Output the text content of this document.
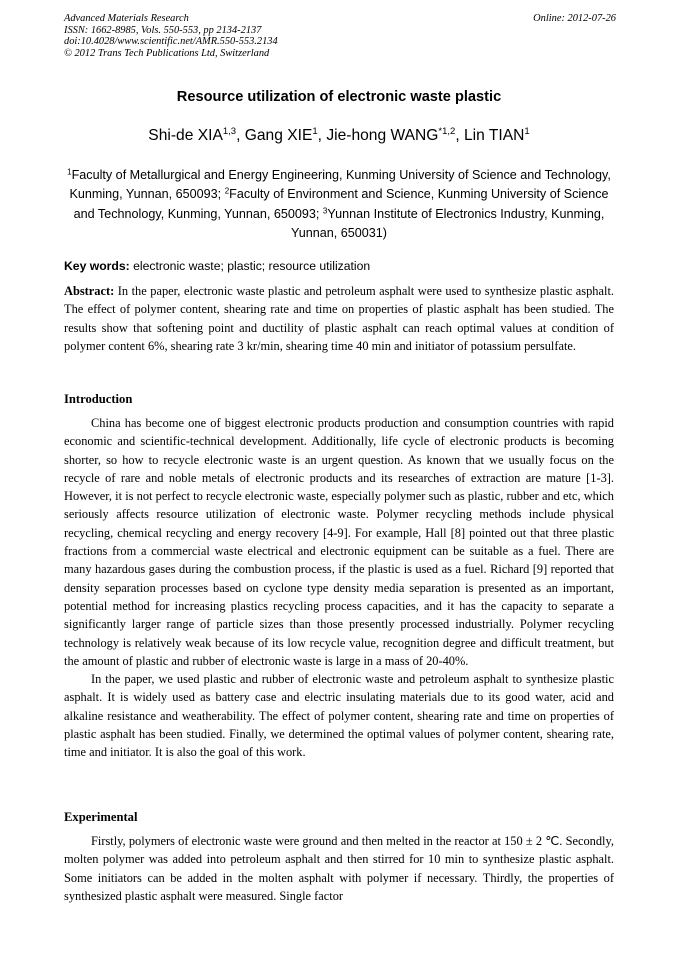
Advanced Materials Research
ISSN: 1662-8985, Vols. 550-553, pp 2134-2137
doi:10.4028/www.scientific.net/AMR.550-553.2134
© 2012 Trans Tech Publications Ltd, Switzerland
Online: 2012-07-26
Resource utilization of electronic waste plastic
Shi-de XIA$^{1,3}$, Gang XIE$^1$, Jie-hong WANG$^{*1,2}$, Lin TIAN$^1$
$^1$Faculty of Metallurgical and Energy Engineering, Kunming University of Science and Technology, Kunming, Yunnan, 650093; $^2$Faculty of Environment and Science, Kunming University of Science and Technology, Kunming, Yunnan, 650093; $^3$Yunnan Institute of Electronics Industry, Kunming, Yunnan, 650031)
Key words: electronic waste; plastic; resource utilization

Abstract: In the paper, electronic waste plastic and petroleum asphalt were used to synthesize plastic asphalt. The effect of polymer content, shearing rate and time on properties of plastic asphalt has been studied. The results show that softening point and ductility of plastic asphalt can reach optimal values at condition of polymer content 6%, shearing rate 3 kr/min, shearing time 40 min and initiator of potassium persulfate.

Introduction

China has become one of biggest electronic products production and consumption countries with rapid economic and scientific-technical development. Additionally, life cycle of electronic products is becoming shorter, so how to recycle electronic waste is an urgent question. As known that we usually focus on the recycle of rare and noble metals of electronic products and its researches of extraction are mature [1-3]. However, it is not perfect to recycle electronic waste, especially polymer such as plastic, rubber and etc, which seriously affects resource utilization of electronic waste. Polymer recycling methods include physical recycling, chemical recycling and energy recovery [4-9]. For example, Hall [8] pointed out that three plastic fractions from a commercial waste electrical and electronic equipment can be suitable as a fuel. There are many hazardous gases during the combustion process, if the plastic is used as a fuel. Richard [9] reported that density separation processes based on cyclone type density media separation is presented as an important, potential method for increasing plastics recycling process capacities, and it has the capacity to separate a significantly larger range of particle sizes than those presently processed industrially. Polymer recycling technology is relatively weak because of its low recycle value, recognition degree and difficult treatment, but the amount of plastic and rubber of electronic waste is large in a mass of 20-40%.

In the paper, we used plastic and rubber of electronic waste and petroleum asphalt to synthesize plastic asphalt. It is widely used as battery case and electric insulating materials due to its good water, acid and alkaline resistance and weatherability. The effect of polymer content, shearing rate and time on properties of plastic asphalt has been studied. Finally, we determined the optimal values of polymer content, shearing rate, time and initiator. It is also the goal of this work.

Experimental

Firstly, polymers of electronic waste were ground and then melted in the reactor at 150 ± 2 ℃. Secondly, molten polymer was added into petroleum asphalt and then stirred for 10 min to synthesize plastic asphalt. Some initiators can be added in the molten asphalt with polymer if necessary. Thirdly, the properties of synthesized plastic asphalt were measured. Single factor
